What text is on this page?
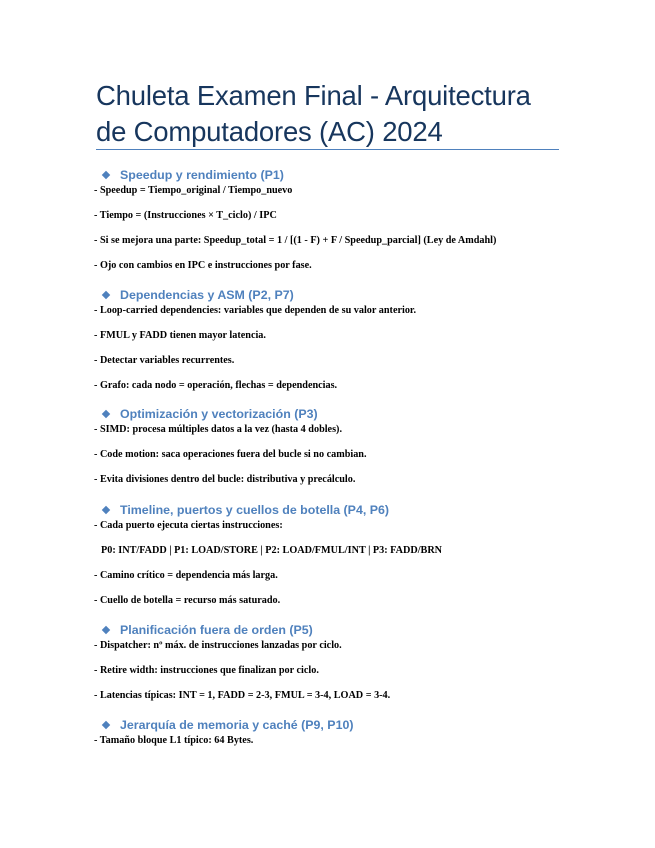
Chuleta Examen Final - Arquitectura de Computadores (AC) 2024
Speedup y rendimiento (P1)
- Speedup = Tiempo_original / Tiempo_nuevo
- Tiempo = (Instrucciones × T_ciclo) / IPC
- Si se mejora una parte: Speedup_total = 1 / [(1 - F) + F / Speedup_parcial] (Ley de Amdahl)
- Ojo con cambios en IPC e instrucciones por fase.
Dependencias y ASM (P2, P7)
- Loop-carried dependencies: variables que dependen de su valor anterior.
- FMUL y FADD tienen mayor latencia.
- Detectar variables recurrentes.
- Grafo: cada nodo = operación, flechas = dependencias.
Optimización y vectorización (P3)
- SIMD: procesa múltiples datos a la vez (hasta 4 dobles).
- Code motion: saca operaciones fuera del bucle si no cambian.
- Evita divisiones dentro del bucle: distributiva y precálculo.
Timeline, puertos y cuellos de botella (P4, P6)
- Cada puerto ejecuta ciertas instrucciones:
P0: INT/FADD | P1: LOAD/STORE | P2: LOAD/FMUL/INT | P3: FADD/BRN
- Camino crítico = dependencia más larga.
- Cuello de botella = recurso más saturado.
Planificación fuera de orden (P5)
- Dispatcher: nº máx. de instrucciones lanzadas por ciclo.
- Retire width: instrucciones que finalizan por ciclo.
- Latencias típicas: INT = 1, FADD = 2-3, FMUL = 3-4, LOAD = 3-4.
Jerarquía de memoria y caché (P9, P10)
- Tamaño bloque L1 típico: 64 Bytes.
